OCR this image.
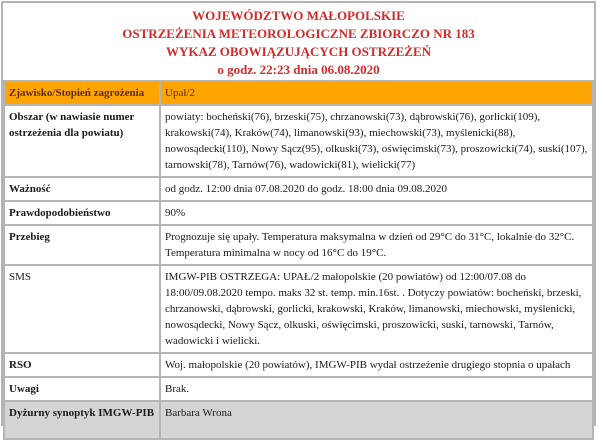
WOJEWÓDZTWO MAŁOPOLSKIE
OSTRZEŻENIA METEOROLOGICZNE ZBIORCZO NR 183
WYKAZ OBOWIĄZUJĄCYCH OSTRZEŻEŃ
o godz. 22:23 dnia 06.08.2020
Zjawisko/Stopień zagrożenia	Upał/2
Obszar (w nawiasie numer ostrzeżenia dla powiatu)	powiaty: bocheński(76), brzeski(75), chrzanowski(73), dąbrowski(76), gorlicki(109), krakowski(74), Kraków(74), limanowski(93), miechowski(73), myślenicki(88), nowosądecki(110), Nowy Sącz(95), olkuski(73), oświęcimski(73), proszowicki(74), suski(107), tarnowski(78), Tarnów(76), wadowicki(81), wielicki(77)
Ważność	od godz. 12:00 dnia 07.08.2020 do godz. 18:00 dnia 09.08.2020
Prawdopodobieństwo	90%
Przebieg	Prognozuje się upały. Temperatura maksymalna w dzień od 29°C do 31°C, lokalnie do 32°C. Temperatura minimalna w nocy od 16°C do 19°C.
SMS	IMGW-PIB OSTRZEGA: UPAŁ/2 małopolskie (20 powiatów) od 12:00/07.08 do 18:00/09.08.2020 tempo. maks 32 st. temp. min.16st. . Dotyczy powiatów: bocheński, brzeski, chrzanowski, dąbrowski, gorlicki, krakowski, Kraków, limanowski, miechowski, myślenicki, nowosądecki, Nowy Sącz, olkuski, oświęcimski, proszowicki, suski, tarnowski, Tarnów, wadowicki i wielicki.
RSO	Woj. małopolskie (20 powiatów), IMGW-PIB wydał ostrzeżenie drugiego stopnia o upałach
Uwagi	Brak.
Dyżurny synoptyk IMGW-PIB	Barbara Wrona
